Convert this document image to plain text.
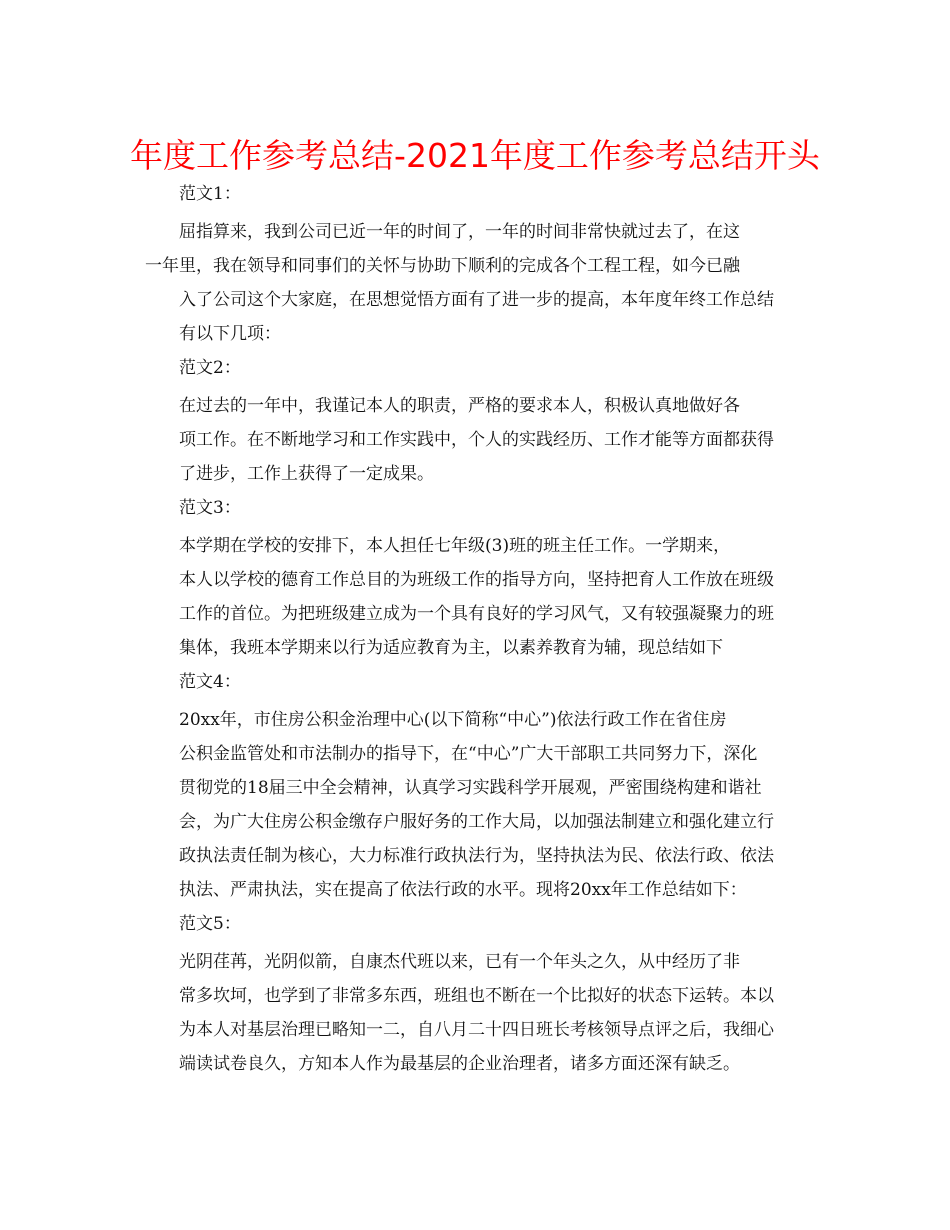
年度工作参考总结-2021年度工作参考总结开头

范文1：

屈指算来，我到公司已近一年的时间了，一年的时间非常快就过去了，在这
一年里，我在领导和同事们的关怀与协助下顺利的完成各个工程工程，如今已融
入了公司这个大家庭，在思想觉悟方面有了进一步的提高，本年度年终工作总结
有以下几项：

范文2：

在过去的一年中，我谨记本人的职责，严格的要求本人，积极认真地做好各
项工作。在不断地学习和工作实践中，个人的实践经历、工作才能等方面都获得
了进步，工作上获得了一定成果。

范文3：

本学期在学校的安排下，本人担任七年级(3)班的班主任工作。一学期来，
本人以学校的德育工作总目的为班级工作的指导方向，坚持把育人工作放在班级
工作的首位。为把班级建立成为一个具有良好的学习风气，又有较强凝聚力的班
集体，我班本学期来以行为适应教育为主，以素养教育为辅，现总结如下

范文4：

20xx年，市住房公积金治理中心(以下简称“中心”)依法行政工作在省住房
公积金监管处和市法制办的指导下，在“中心”广大干部职工共同努力下，深化
贯彻党的18届三中全会精神，认真学习实践科学开展观，严密围绕构建和谐社
会，为广大住房公积金缴存户服好务的工作大局，以加强法制建立和强化建立行
政执法责任制为核心，大力标准行政执法行为，坚持执法为民、依法行政、依法
执法、严肃执法，实在提高了依法行政的水平。现将20xx年工作总结如下：

范文5：

光阴荏苒，光阴似箭，自康杰代班以来，已有一个年头之久，从中经历了非
常多坎坷，也学到了非常多东西，班组也不断在一个比拟好的状态下运转。本以
为本人对基层治理已略知一二，自八月二十四日班长考核领导点评之后，我细心
端读试卷良久，方知本人作为最基层的企业治理者，诸多方面还深有缺乏。
